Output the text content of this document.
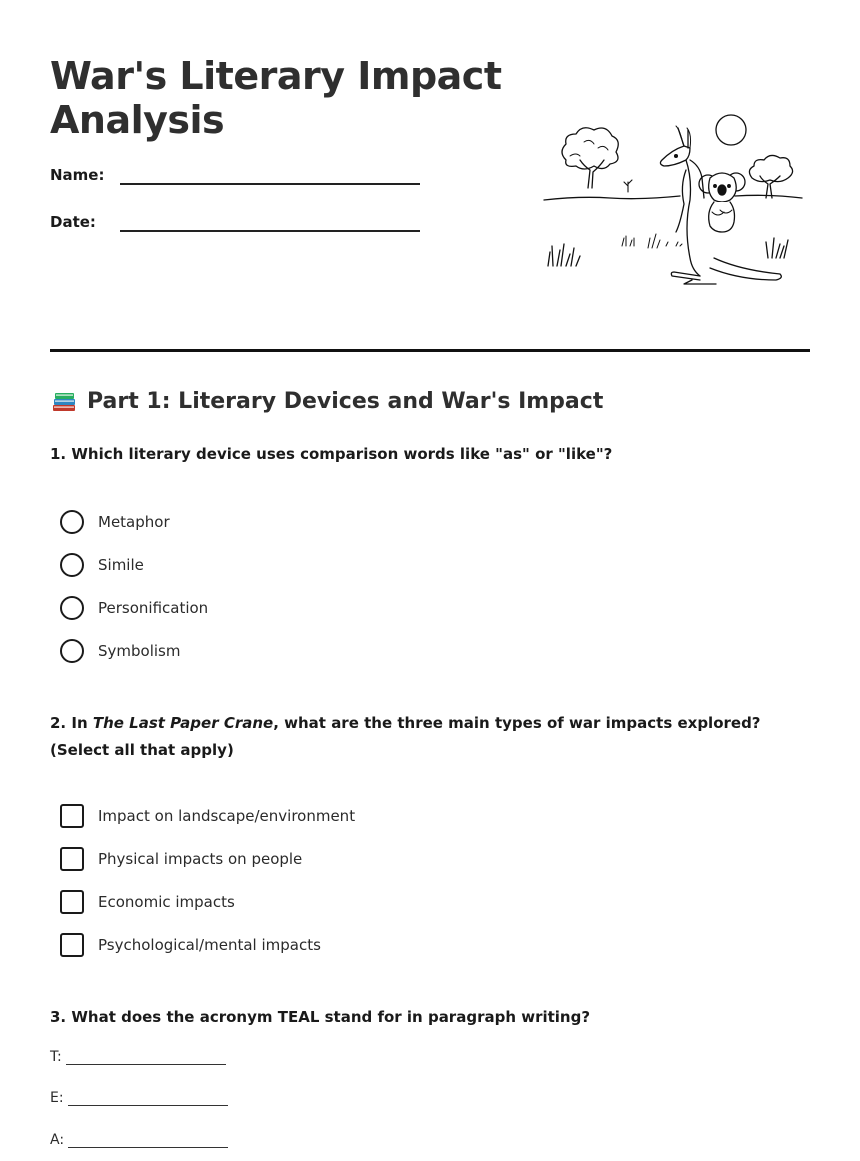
War's Literary Impact
Analysis
Name:
Date:
Part 1: Literary Devices and War's Impact
1. Which literary device uses comparison words like "as" or "like"?
Metaphor
Simile
Personification
Symbolism
2. In The Last Paper Crane, what are the three main types of war impacts explored? (Select all that apply)
Impact on landscape/environment
Physical impacts on people
Economic impacts
Psychological/mental impacts
3. What does the acronym TEAL stand for in paragraph writing?
T:
E:
A:
